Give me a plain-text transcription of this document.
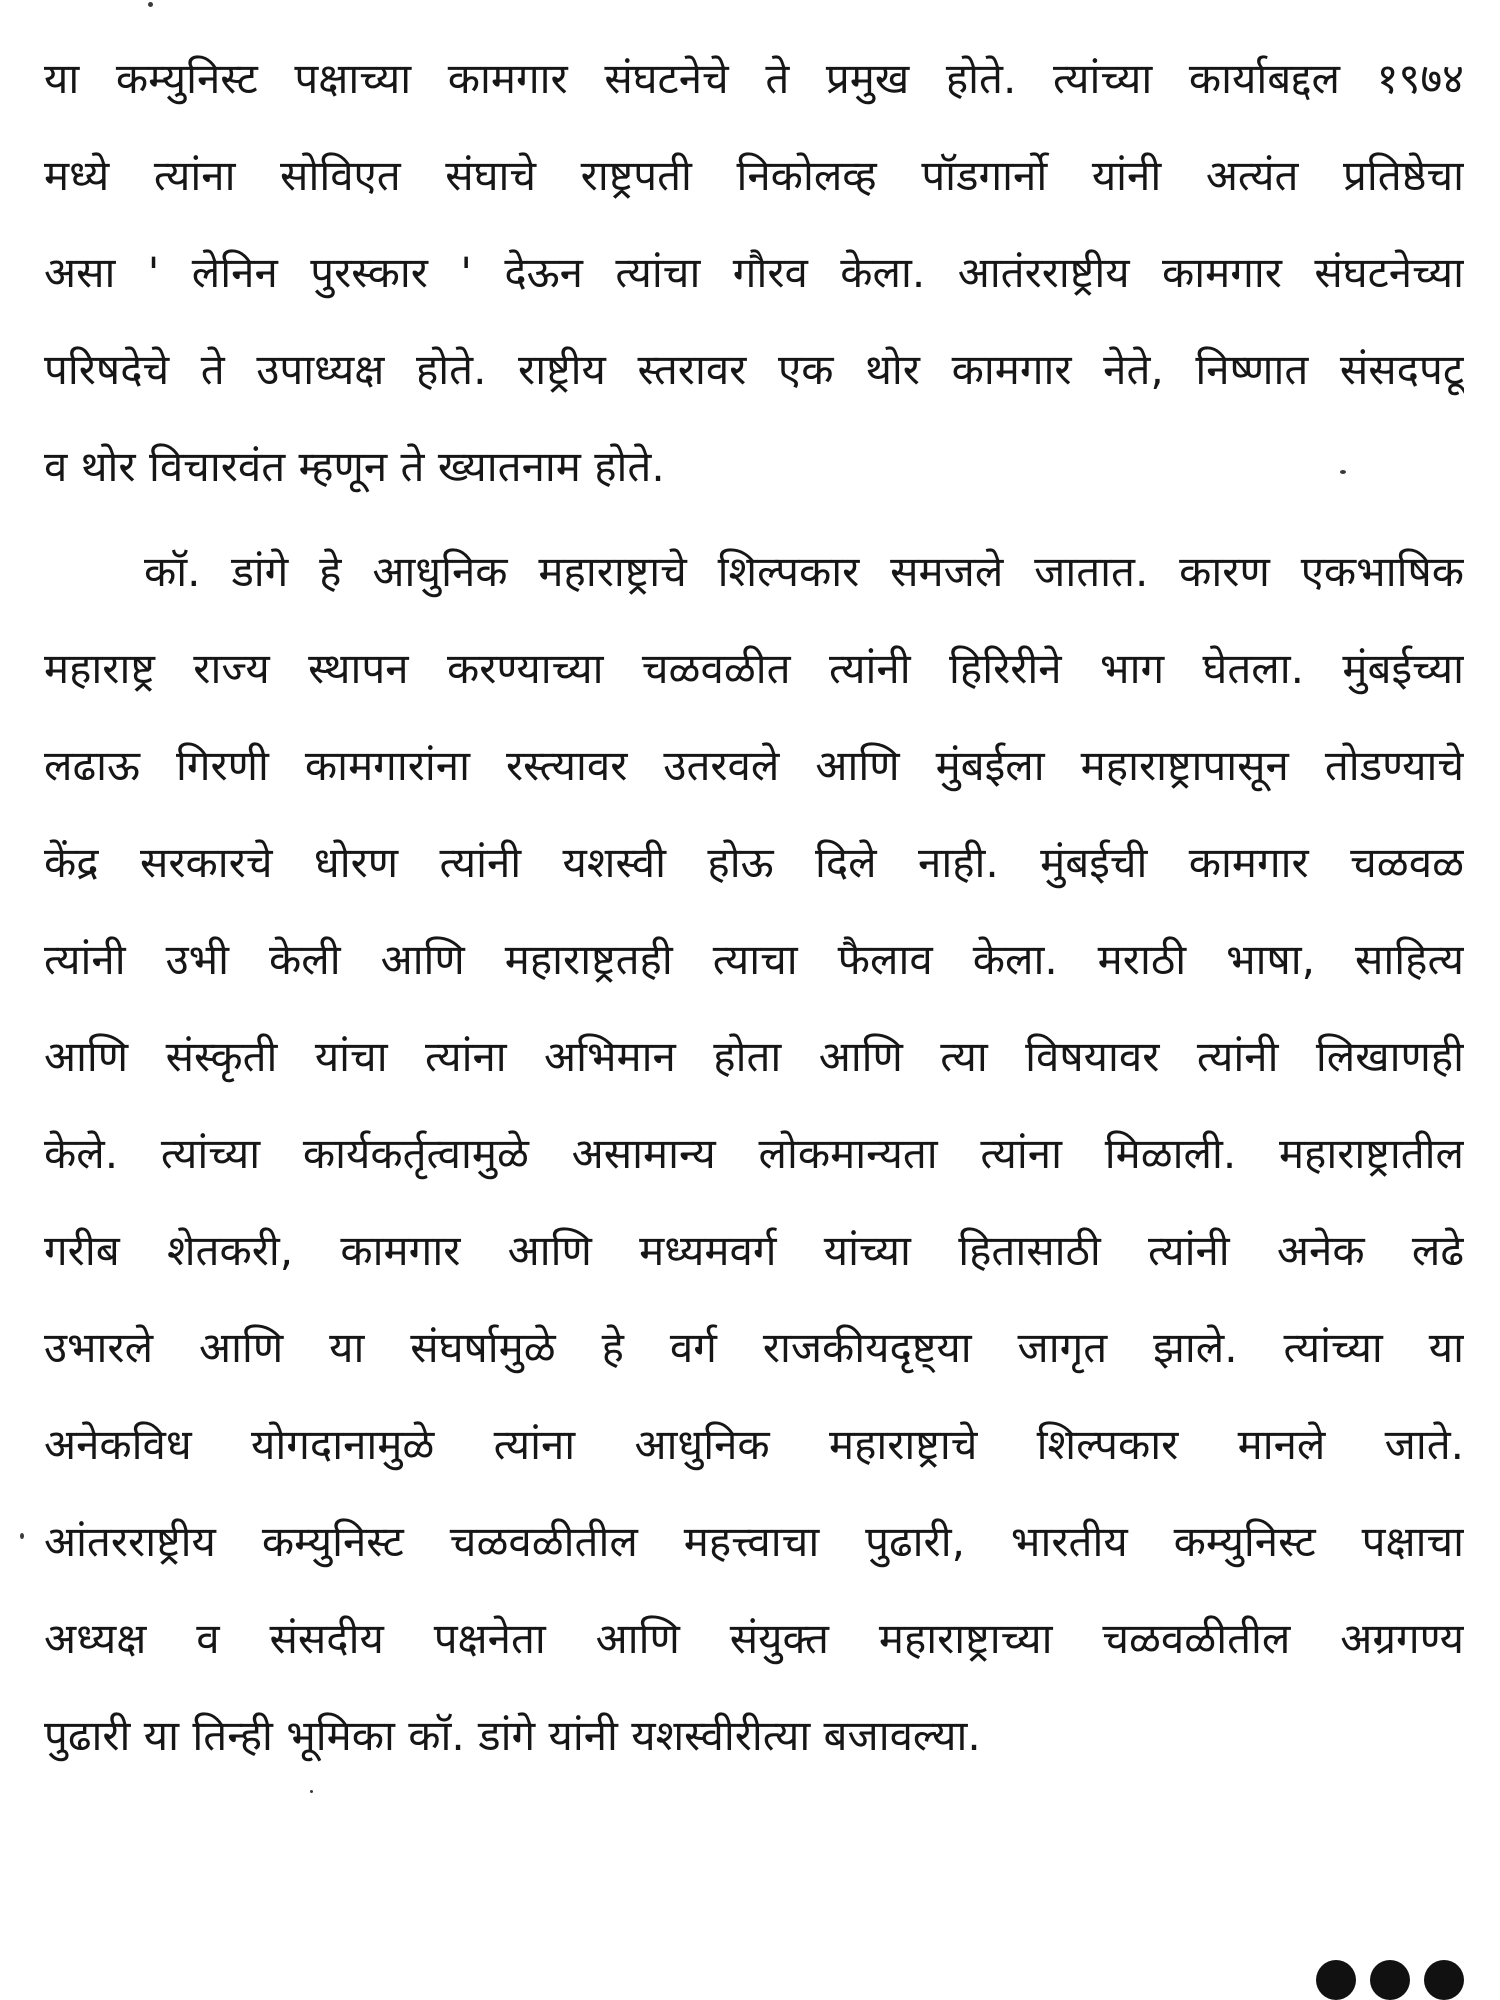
या कम्युनिस्ट पक्षाच्या कामगार संघटनेचे ते प्रमुख होते. त्यांच्या कार्याबद्दल १९७४
मध्ये त्यांना सोविएत संघाचे राष्ट्रपती निकोलव्ह पॉडगार्नो यांनी अत्यंत प्रतिष्ठेचा
असा ' लेनिन पुरस्कार ' देऊन त्यांचा गौरव केला. आतंरराष्ट्रीय कामगार संघटनेच्या
परिषदेचे ते उपाध्यक्ष होते. राष्ट्रीय स्तरावर एक थोर कामगार नेते, निष्णात संसदपटू
व थोर विचारवंत म्हणून ते ख्यातनाम होते.
कॉ. डांगे हे आधुनिक महाराष्ट्राचे शिल्पकार समजले जातात. कारण एकभाषिक
महाराष्ट्र राज्य स्थापन करण्याच्या चळवळीत त्यांनी हिरिरीने भाग घेतला. मुंबईच्या
लढाऊ गिरणी कामगारांना रस्त्यावर उतरवले आणि मुंबईला महाराष्ट्रापासून तोडण्याचे
केंद्र सरकारचे धोरण त्यांनी यशस्वी होऊ दिले नाही. मुंबईची कामगार चळवळ
त्यांनी उभी केली आणि महाराष्ट्रतही त्याचा फैलाव केला. मराठी भाषा, साहित्य
आणि संस्कृती यांचा त्यांना अभिमान होता आणि त्या विषयावर त्यांनी लिखाणही
केले. त्यांच्या कार्यकर्तृत्वामुळे असामान्य लोकमान्यता त्यांना मिळाली. महाराष्ट्रातील
गरीब शेतकरी, कामगार आणि मध्यमवर्ग यांच्या हितासाठी त्यांनी अनेक लढे
उभारले आणि या संघर्षामुळे हे वर्ग राजकीयदृष्ट्या जागृत झाले. त्यांच्या या
अनेकविध योगदानामुळे त्यांना आधुनिक महाराष्ट्राचे शिल्पकार मानले जाते.
आंतरराष्ट्रीय कम्युनिस्ट चळवळीतील महत्त्वाचा पुढारी, भारतीय कम्युनिस्ट पक्षाचा
अध्यक्ष व संसदीय पक्षनेता आणि संयुक्त महाराष्ट्राच्या चळवळीतील अग्रगण्य
पुढारी या तिन्ही भूमिका कॉ. डांगे यांनी यशस्वीरीत्या बजावल्या.
